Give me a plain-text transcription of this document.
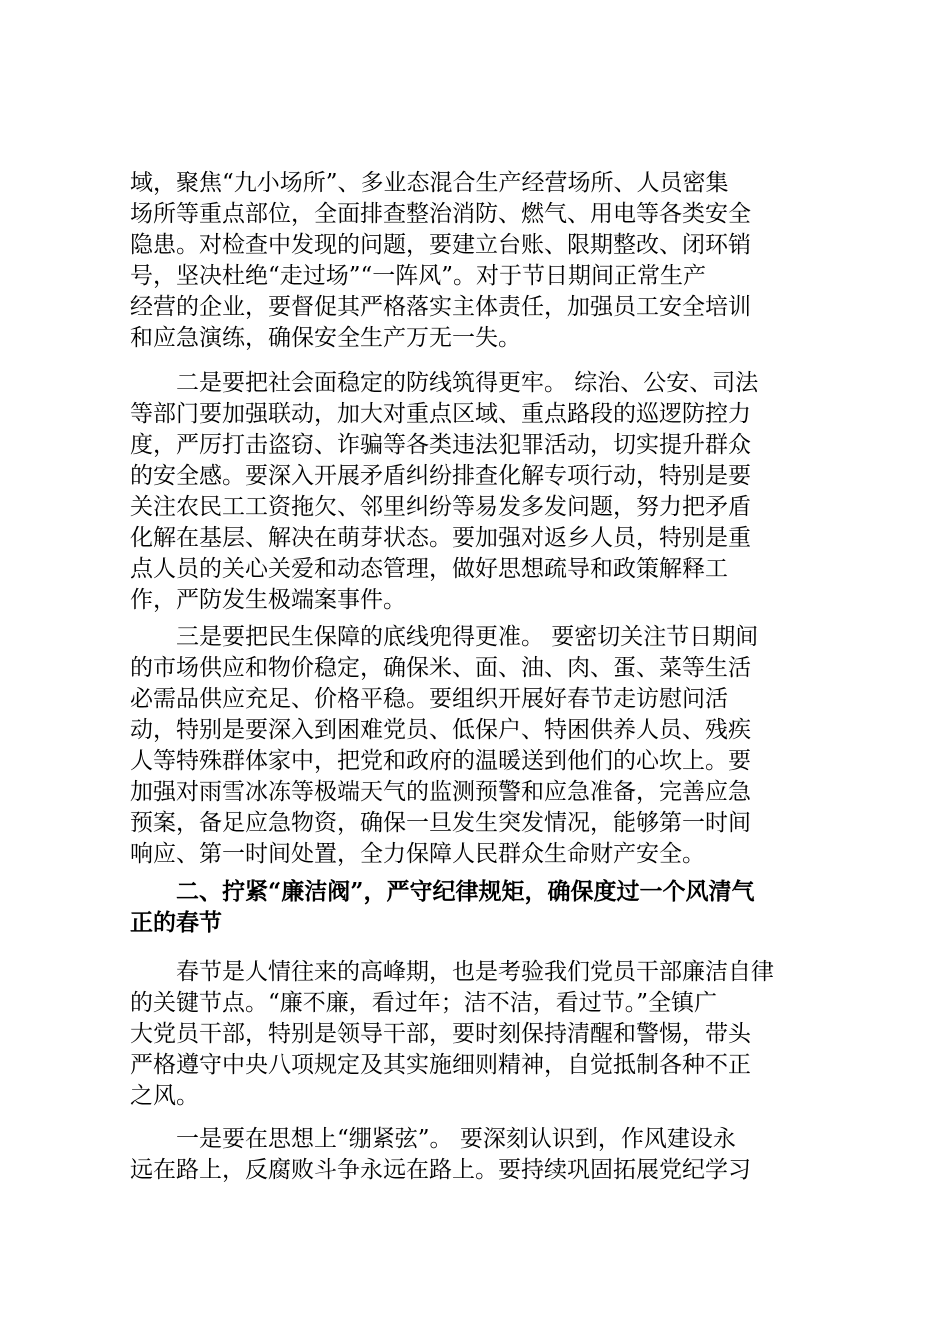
域，聚焦“九小场所”、多业态混合生产经营场所、人员密集
场所等重点部位，全面排查整治消防、燃气、用电等各类安全
隐患。对检查中发现的问题，要建立台账、限期整改、闭环销
号，坚决杜绝“走过场”“一阵风”。对于节日期间正常生产
经营的企业，要督促其严格落实主体责任，加强员工安全培训
和应急演练，确保安全生产万无一失。
　　二是要把社会面稳定的防线筑得更牢。 综治、公安、司法
等部门要加强联动，加大对重点区域、重点路段的巡逻防控力
度，严厉打击盗窃、诈骗等各类违法犯罪活动，切实提升群众
的安全感。要深入开展矛盾纠纷排查化解专项行动，特别是要
关注农民工工资拖欠、邻里纠纷等易发多发问题，努力把矛盾
化解在基层、解决在萌芽状态。要加强对返乡人员，特别是重
点人员的关心关爱和动态管理，做好思想疏导和政策解释工
作，严防发生极端案事件。
　　三是要把民生保障的底线兜得更准。 要密切关注节日期间
的市场供应和物价稳定，确保米、面、油、肉、蛋、菜等生活
必需品供应充足、价格平稳。要组织开展好春节走访慰问活
动，特别是要深入到困难党员、低保户、特困供养人员、残疾
人等特殊群体家中，把党和政府的温暖送到他们的心坎上。要
加强对雨雪冰冻等极端天气的监测预警和应急准备，完善应急
预案，备足应急物资，确保一旦发生突发情况，能够第一时间
响应、第一时间处置，全力保障人民群众生命财产安全。
　　二、拧紧“廉洁阀”，严守纪律规矩，确保度过一个风清气
正的春节
　　春节是人情往来的高峰期，也是考验我们党员干部廉洁自律
的关键节点。“廉不廉，看过年；洁不洁，看过节。”全镇广
大党员干部，特别是领导干部，要时刻保持清醒和警惕，带头
严格遵守中央八项规定及其实施细则精神，自觉抵制各种不正
之风。
　　一是要在思想上“绷紧弦”。 要深刻认识到，作风建设永
远在路上，反腐败斗争永远在路上。要持续巩固拓展党纪学习
